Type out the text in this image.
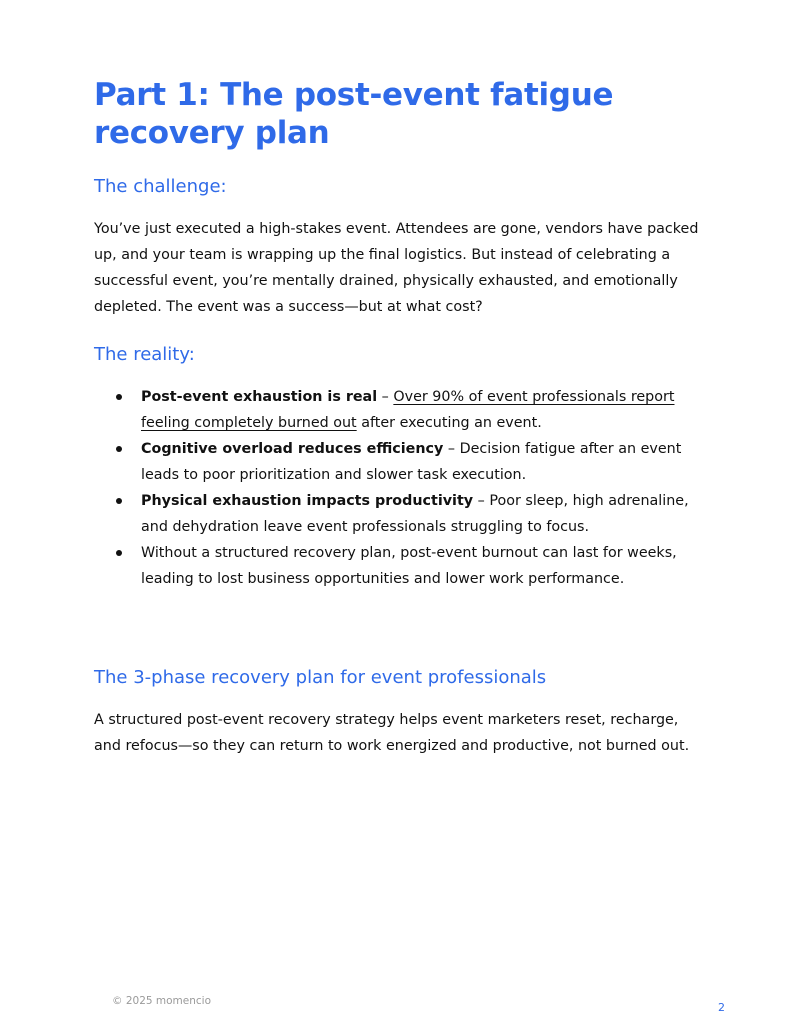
Part 1: The post-event fatigue recovery plan
The challenge:

You’ve just executed a high-stakes event. Attendees are gone, vendors have packed up, and your team is wrapping up the final logistics. But instead of celebrating a successful event, you’re mentally drained, physically exhausted, and emotionally depleted. The event was a success—but at what cost?

The reality:
Post-event exhaustion is real – Over 90% of event professionals report feeling completely burned out after executing an event.
Cognitive overload reduces efficiency – Decision fatigue after an event leads to poor prioritization and slower task execution.
Physical exhaustion impacts productivity – Poor sleep, high adrenaline, and dehydration leave event professionals struggling to focus.
Without a structured recovery plan, post-event burnout can last for weeks, leading to lost business opportunities and lower work performance.
The 3-phase recovery plan for event professionals

A structured post-event recovery strategy helps event marketers reset, recharge, and refocus—so they can return to work energized and productive, not burned out.

© 2025 momencio	2
